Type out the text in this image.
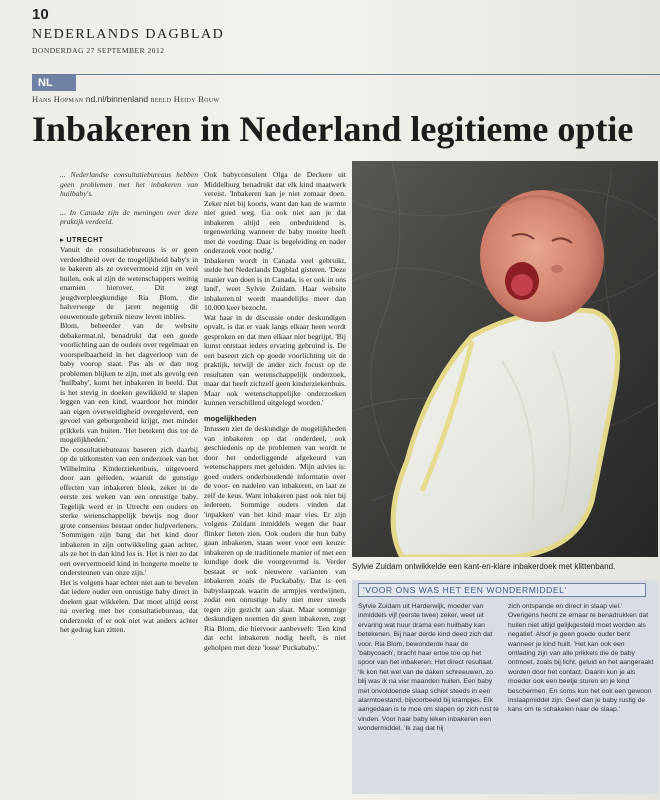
10
NEDERLANDS DAGBLAD
DONDERDAG 27 SEPTEMBER 2012
NL
Hans Hopman nd.nl/binnenland beeld Heidy Bouw
Inbakeren in Nederland legitieme optie

... Nederlandse consultatiebureaus hebben geen problemen met het inbakeren van huilbaby's.

... In Canada zijn de meningen over deze praktijk verdeeld.

▸ UTRECHT

Vanuit de consultatiebureaus is er geen verdeeldheid over de mogelijkheid baby's in te bakeren als ze oververmoeid zijn en veel huilen, ook al zijn de wetenschappers weinig enamien hierover. Dit zegt jeugdverpleegkundige Ria Blom, die halverwege de jaren negentig dit eeuwenoude gebruik nieuw leven inblies.

Blom, beheerder van de website debakermat.nl, benadrukt dat een goede voorlichting aan de ouders over regelmaat en voorspelbaarheid in het dagverloop van de baby voorop staat. Pas als er dan nog problemen blijken te zijn, met als gevolg een 'huilbaby', komt het inbakeren in beeld. Dat is het stevig in doeken gewikkeld te slapen leggen van een kind, waardoor het minder aan eigen overweldigheid overgeleverd, een gevoel van geborgenheid krijgt, met minder prikkels van buiten. 'Het betekent dus tot de mogelijkheden.'

De consultatiebureaus baseren zich daarbij op de uitkomsten van een onderzoek van het Wilhelmina Kinderziekenhuis, uitgevoerd door aan gelieden, waaruit de gunstige effecten van inbakeren bleek, zeker in de eerste zes weken van een onrustige baby. Tegelijk werd er in Utrecht een ouders en sterke wetenschappelijk bewijs nog door grote consensus bestaat onder hulpverleners. 'Sommigen zijn bang dat het kind door inbakeren in zijn ontwikkeling gaan achter, als ze het in dan kind los is. Het is niet zo dat een oververmoeid kind in hongerte moeite te ondersteunen van onze zijn.'

Het is volgens haar echter niet aan te bevelen dat iedere ouder een onrustige baby direct in doeken gaat wikkelen. Dat moet altijd eerst na overleg met het consultatiebureau, dat onderzoekt of er ook niet wat anders achter het gedrag kan zitten.

Ook babyconsulent Olga de Deckere uit Middelburg benadrukt dat elk kind maatwerk vereist. 'Inbakeren kan je niet zomaar doen. Zeker niet bij koorts, want dan kan de warmte niet goed weg. Ga ook niet aan je dat inbakeren altijd een onbeduidend is, tegenwerking wanneer de baby moeite heeft met de voeding. Daar is begeleiding en nader onderzoek voor nodig.'

Inbakeren wordt in Canada veel gebruikt, stelde het Nederlands Dagblad gisteren. 'Deze manier van doen is in Canada, is er ook in ons land', weet Sylvie Zuidam. Haar website inbakeren.nl wordt maandelijks meer dan 10.000 keer bezocht.

Wat haar in de discussie onder deskundigen opvalt, is dat er vaak langs elkaar heen wordt gesproken en dat men elkaar niet begrijpt. 'Bij kunst ontstaat ieders ervaring gebruind is. De een baseert zich op goede voorlichting uit de praktijk, terwijl de ander zich focust op de resultaten van wetenschappelijk onderzoek, maar dat heeft zichzelf geen kinderziekenhuis. Maar ook wetenschappelijke onderzoeken kunnen verschillend uitgelegd worden.'

mogelijkheden

Intussen ziet de deskundige de mogelijkheden van inbakeren op dat onderdeel, ook geschiedenis op de problemen van wordt te door het onderliggende afgekeurd van wetenschappers met geluiden. 'Mijn advies is: goed ouders onderhoudende informatie over de voor- en nadelen van inbakeren, en laat ze zelf de keus. Want inbakeren past ook niet bij iedereen. Sommige ouders vinden dat 'inpakken' van het kind maar vies. Er zijn volgens Zuidam inmiddels wegen die haar flinker lieten zien. Ook ouders die hun baby gaan inbakeren, staan weer voor een keuze: inbakeren op de traditionele manier of met een kundige doek die voorgevormd is. Verder bestaat er ook nieuwere varianten van inbakeren zoals de Puckababy. Dat is een babyslaapzak waarin de armpjes verdwijnen, zodat een onrustige baby niet meer steeds tegen zijn gezicht aan slaat. Maar sommige deskundigen noemen dit geen inbakeren, zegt Ria Blom, die hiervoor aanbeveelt: 'Een kind dat echt inbakeren nodig heeft, is niet geholpen met deze 'losse' Puckababy.'

Sylvie Zuidam ontwikkelde een kant-en-klare inbakerdoek met klittenband.
'VOOR ONS WAS HET EEN WONDERMIDDEL'
Sylvie Zuidam uit Harderwijk, moeder van inmiddels vijf (eerste twee) zeker, weet uit ervaring wat huur drama een huilbaby kan betekenen. Bij haar derde kind deed zich dat voor. Ria Blom, bewonderde haar de 'babycoach', bracht haar ertoe toe op het spoor van het inbakeren. Het direct resultaat. 'Ik kon het wel van de daken schreeuwen, zo blij was ik na vier maanden huilen. Een baby met onvoldoende slaap schiet steeds in een alarmtoestand, bijvoorbeeld bij krampjes. Elk aangedaan is te moe om slapen op zich rust te vinden. Voor haar baby leken inbakeren een wondermiddel. 'Ik zag dat hij
zich ontspande en direct in slaap viel.' Overigens hecht ze ernaar te benadrukken dat huilen niet altijd gelijkgesteld moet worden als negatief. Alsof je geen goede ouder bent wanneer je kind huilt. 'Het kan ook een ontlading zijn van alle prikkels die de baby ontmoet, zoals bij licht, geluid en het aangeraakt worden door het contact. Daarin kun je als moeder ook een beetje sturen en je kind beschermen. En soms kun het ook een gewoon inslaapmiddel zijn. Geef dan je baby rustig de kans om te schakelen naar de slaap.'
